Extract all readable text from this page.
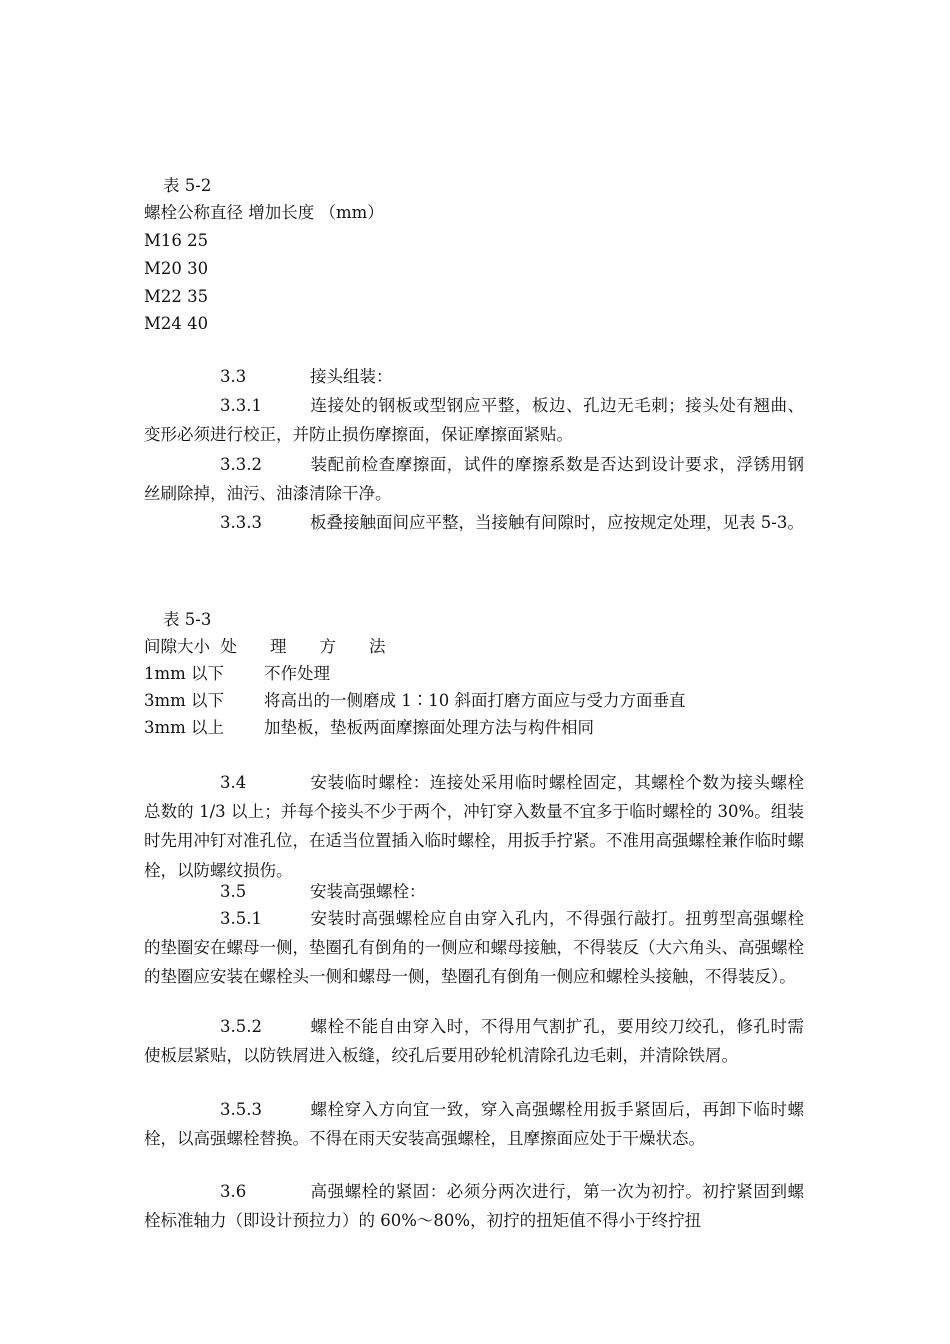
表 5-2
螺栓公称直径 增加长度 （mm）
M16 25
M20 30
M22 35
M24 40
3.3	接头组装：
3.3.1	连接处的钢板或型钢应平整，板边、孔边无毛刺；接头处有翘曲、变形必须进行校正，并防止损伤摩擦面，保证摩擦面紧贴。
3.3.2	装配前检查摩擦面，试件的摩擦系数是否达到设计要求，浮锈用钢丝刷除掉，油污、油漆清除干净。
3.3.3	板叠接触面间应平整，当接触有间隙时，应按规定处理，见表 5-3。
表 5-3
间隙大小 处　　理　　方　　法
1mm 以下 不作处理
3mm 以下 将高出的一侧磨成 1∶10 斜面打磨方面应与受力方面垂直
3mm 以上 加垫板，垫板两面摩擦面处理方法与构件相同
3.4	安装临时螺栓：连接处采用临时螺栓固定，其螺栓个数为接头螺栓总数的 1/3 以上；并每个接头不少于两个，冲钉穿入数量不宜多于临时螺栓的 30%。组装时先用冲钉对准孔位，在适当位置插入临时螺栓，用扳手拧紧。不准用高强螺栓兼作临时螺栓，以防螺纹损伤。
3.5	安装高强螺栓：
3.5.1	安装时高强螺栓应自由穿入孔内，不得强行敲打。扭剪型高强螺栓的垫圈安在螺母一侧，垫圈孔有倒角的一侧应和螺母接触，不得装反（大六角头、高强螺栓的垫圈应安装在螺栓头一侧和螺母一侧，垫圈孔有倒角一侧应和螺栓头接触，不得装反）。
3.5.2	螺栓不能自由穿入时，不得用气割扩孔，要用绞刀绞孔，修孔时需使板层紧贴，以防铁屑进入板缝，绞孔后要用砂轮机清除孔边毛刺，并清除铁屑。
3.5.3	螺栓穿入方向宜一致，穿入高强螺栓用扳手紧固后，再卸下临时螺栓，以高强螺栓替换。不得在雨天安装高强螺栓，且摩擦面应处于干燥状态。
3.6	高强螺栓的紧固：必须分两次进行，第一次为初拧。初拧紧固到螺栓标准轴力（即设计预拉力）的 60%～80%，初拧的扭矩值不得小于终拧扭
